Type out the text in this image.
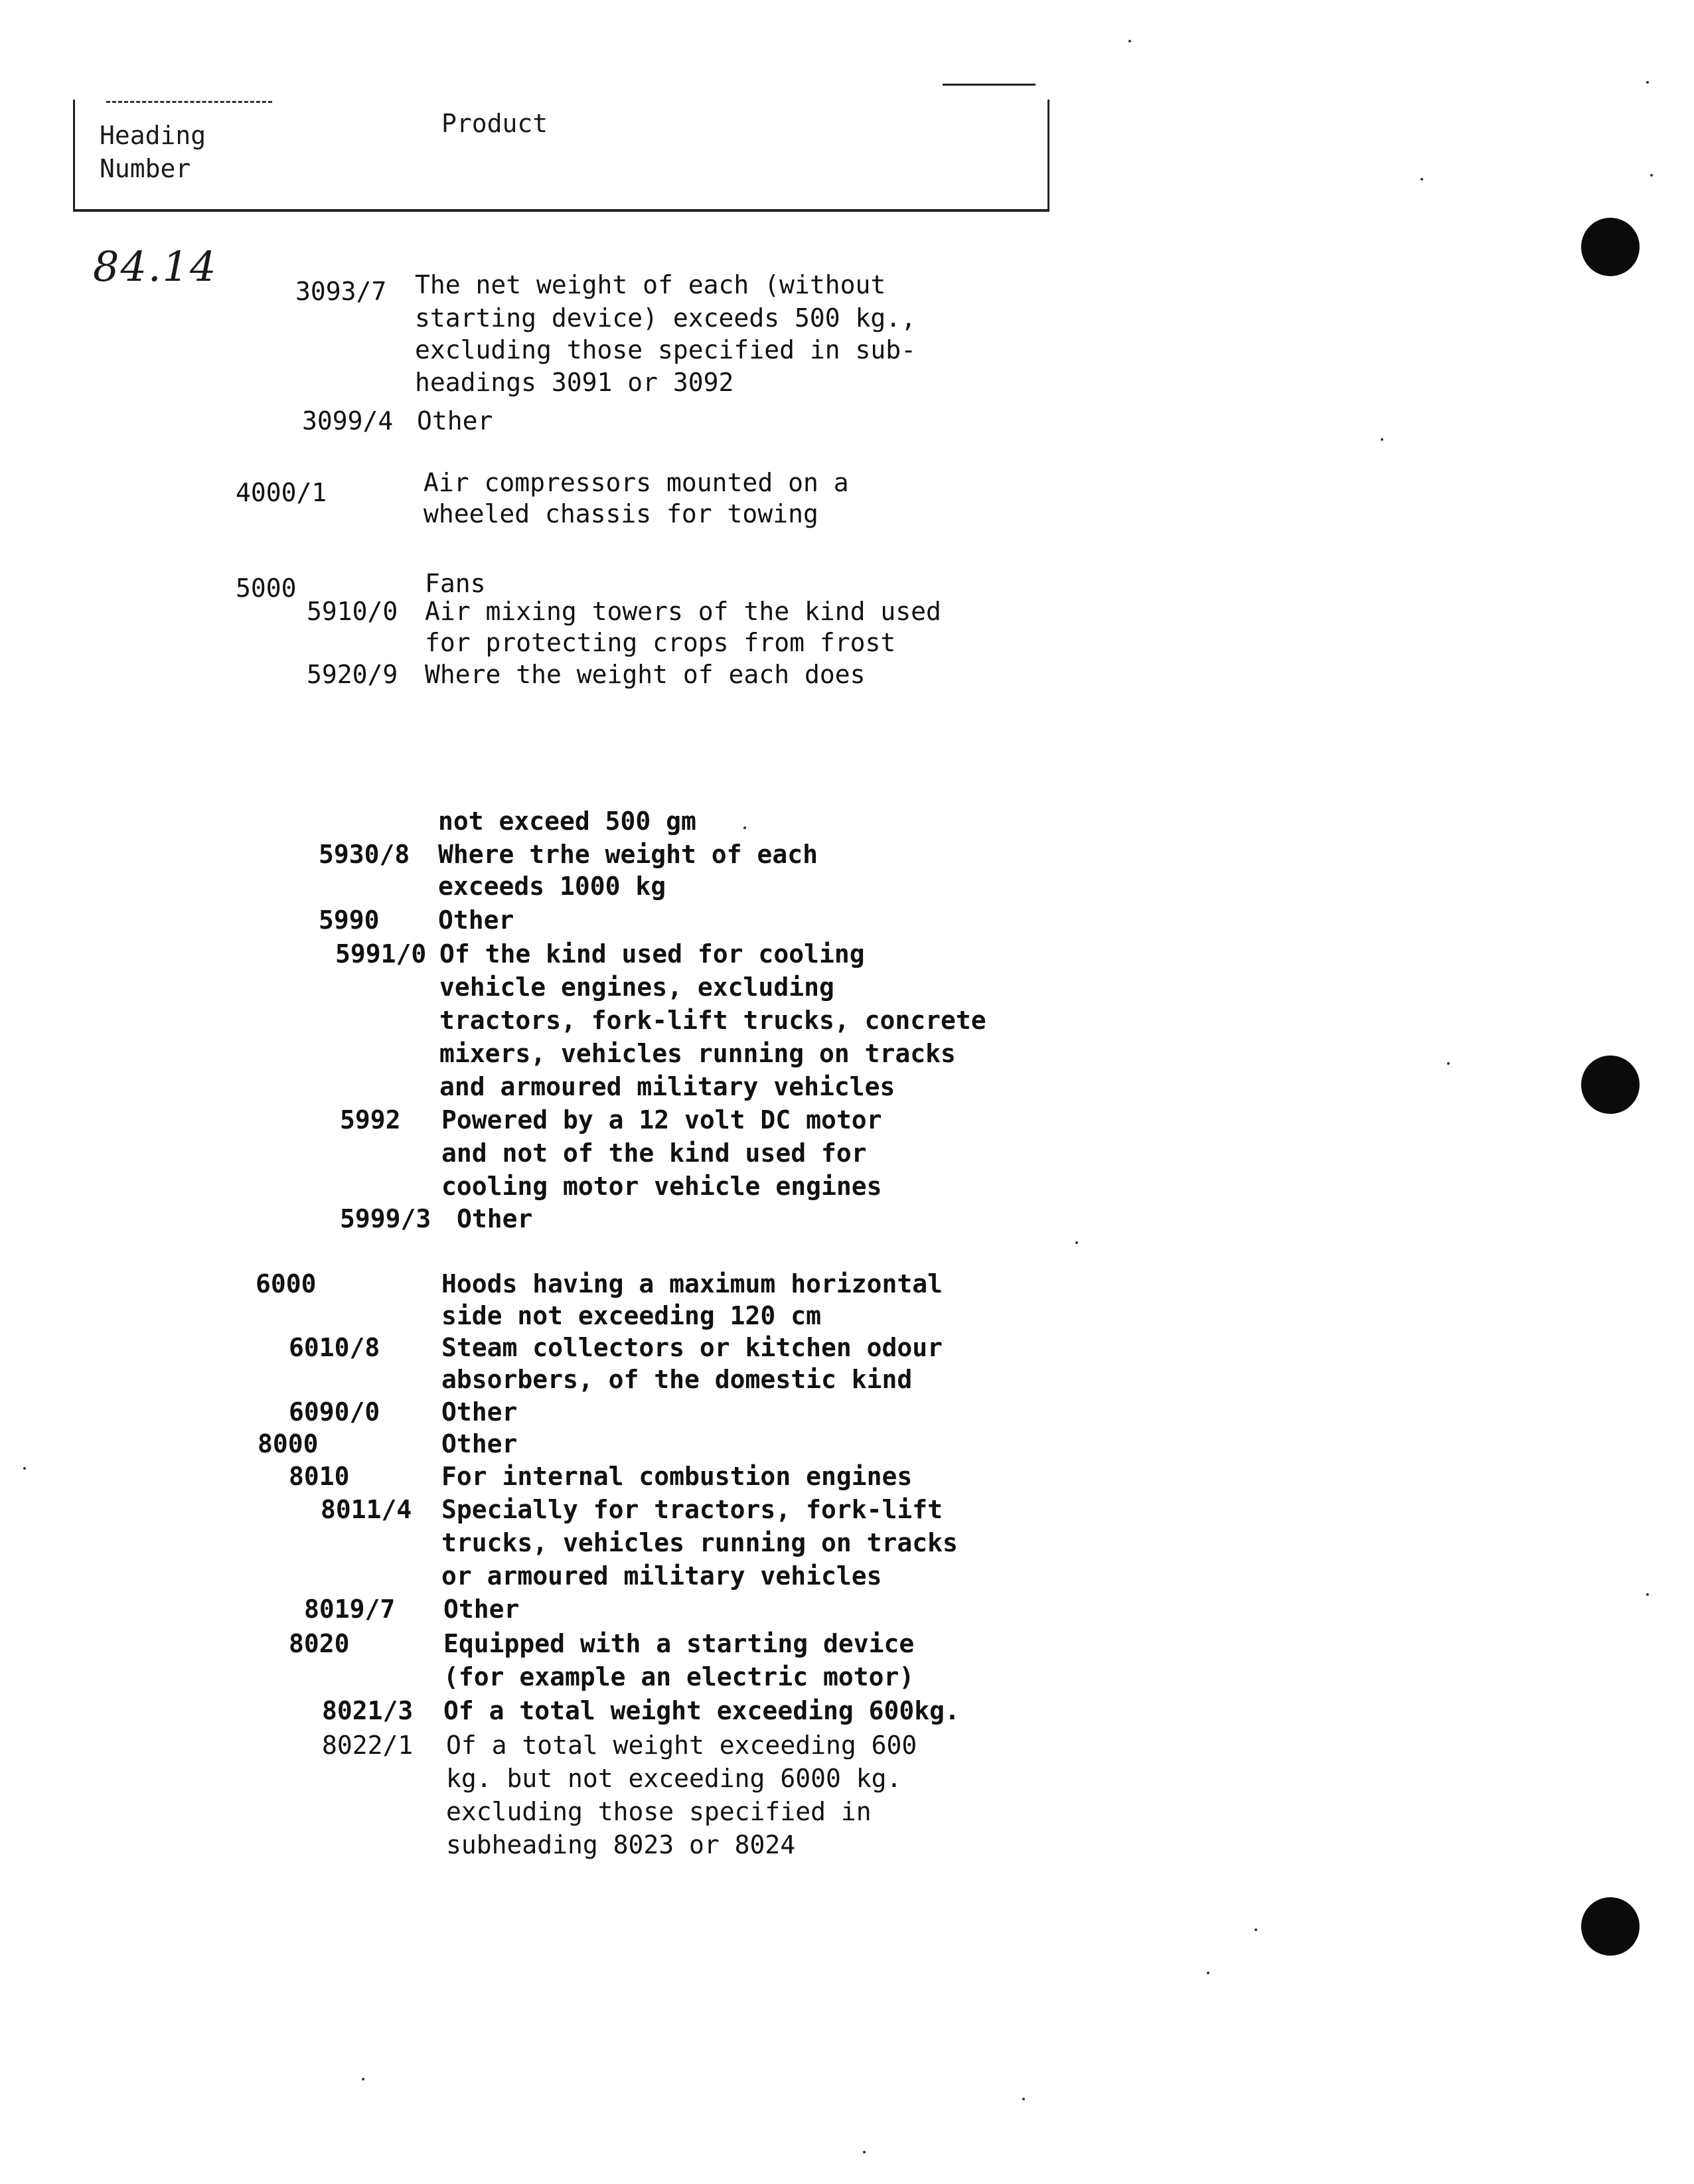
Heading
Number
Product
84.14
3093/7 The net weight of each (without
starting device) exceeds 500 kg.,
excluding those specified in sub-
headings 3091 or 3092
3099/4 Other
4000/1	Air compressors mounted on a
wheeled chassis for towing
5000	Fans
5910/0 Air mixing towers of the kind used
for protecting crops from frost
5920/9 Where the weight of each does
not exceed 500 gm
5930/8 Where trhe weight of each
exceeds 1000 kg
5990 Other
5991/0 Of the kind used for cooling
vehicle engines, excluding
tractors, fork-lift trucks, concrete
mixers, vehicles running on tracks
and armoured military vehicles
5992 Powered by a 12 volt DC motor
and not of the kind used for
cooling motor vehicle engines
5999/3 Other
6000	Hoods having a maximum horizontal
side not exceeding 120 cm
6010/8 Steam collectors or kitchen odour
absorbers, of the domestic kind
6090/0 Other
8000	Other
8010	For internal combustion engines
8011/4 Specially for tractors, fork-lift
trucks, vehicles running on tracks
or armoured military vehicles
8019/7 Other
8020	Equipped with a starting device
(for example an electric motor)
8021/3 Of a total weight exceeding 600kg.
8022/1 Of a total weight exceeding 600
kg. but not exceeding 6000 kg.
excluding those specified in
subheading 8023 or 8024
